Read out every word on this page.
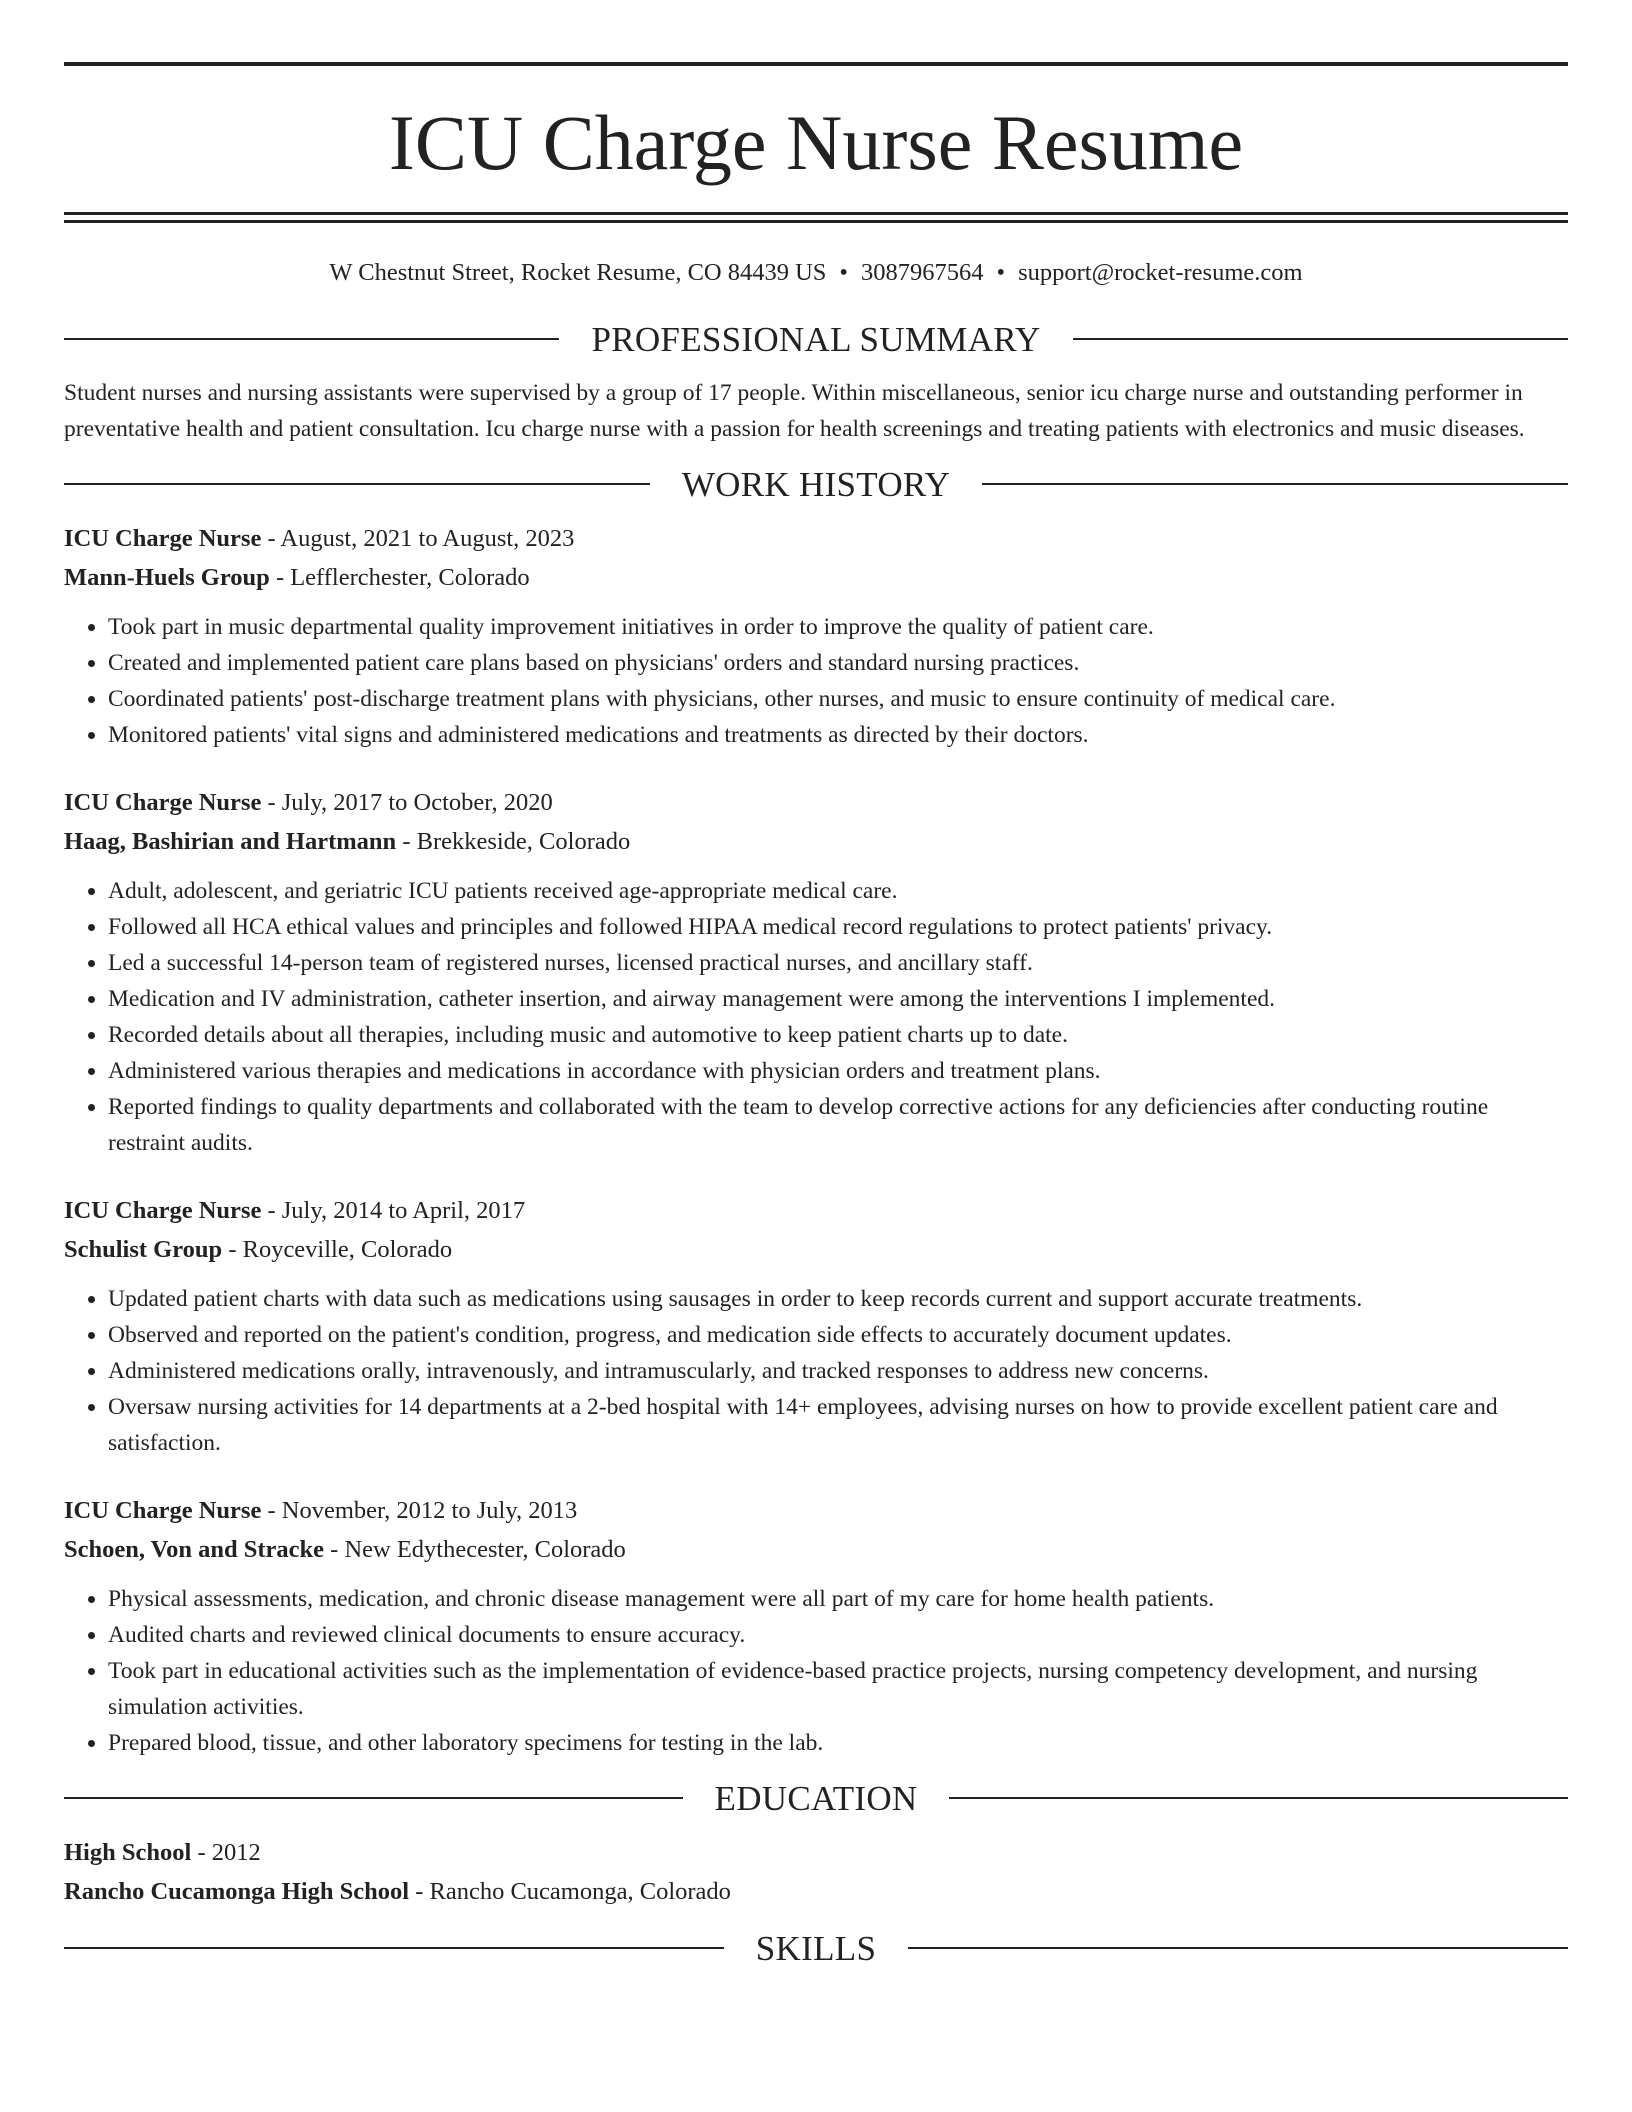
ICU Charge Nurse Resume
W Chestnut Street, Rocket Resume, CO 84439 US • 3087967564 • support@rocket-resume.com
PROFESSIONAL SUMMARY

Student nurses and nursing assistants were supervised by a group of 17 people. Within miscellaneous, senior icu charge nurse and outstanding performer in preventative health and patient consultation. Icu charge nurse with a passion for health screenings and treating patients with electronics and music diseases.

WORK HISTORY

ICU Charge Nurse - August, 2021 to August, 2023

Mann-Huels Group - Lefflerchester, Colorado

• Took part in music departmental quality improvement initiatives in order to improve the quality of patient care.
• Created and implemented patient care plans based on physicians' orders and standard nursing practices.
• Coordinated patients' post-discharge treatment plans with physicians, other nurses, and music to ensure continuity of medical care.
• Monitored patients' vital signs and administered medications and treatments as directed by their doctors.

ICU Charge Nurse - July, 2017 to October, 2020

Haag, Bashirian and Hartmann - Brekkeside, Colorado

• Adult, adolescent, and geriatric ICU patients received age-appropriate medical care.
• Followed all HCA ethical values and principles and followed HIPAA medical record regulations to protect patients' privacy.
• Led a successful 14-person team of registered nurses, licensed practical nurses, and ancillary staff.
• Medication and IV administration, catheter insertion, and airway management were among the interventions I implemented.
• Recorded details about all therapies, including music and automotive to keep patient charts up to date.
• Administered various therapies and medications in accordance with physician orders and treatment plans.
• Reported findings to quality departments and collaborated with the team to develop corrective actions for any deficiencies after conducting routine restraint audits.

ICU Charge Nurse - July, 2014 to April, 2017

Schulist Group - Royceville, Colorado

• Updated patient charts with data such as medications using sausages in order to keep records current and support accurate treatments.
• Observed and reported on the patient's condition, progress, and medication side effects to accurately document updates.
• Administered medications orally, intravenously, and intramuscularly, and tracked responses to address new concerns.
• Oversaw nursing activities for 14 departments at a 2-bed hospital with 14+ employees, advising nurses on how to provide excellent patient care and satisfaction.

ICU Charge Nurse - November, 2012 to July, 2013

Schoen, Von and Stracke - New Edythecester, Colorado

• Physical assessments, medication, and chronic disease management were all part of my care for home health patients.
• Audited charts and reviewed clinical documents to ensure accuracy.
• Took part in educational activities such as the implementation of evidence-based practice projects, nursing competency development, and nursing simulation activities.
• Prepared blood, tissue, and other laboratory specimens for testing in the lab.
EDUCATION

High School - 2012

Rancho Cucamonga High School - Rancho Cucamonga, Colorado

SKILLS
